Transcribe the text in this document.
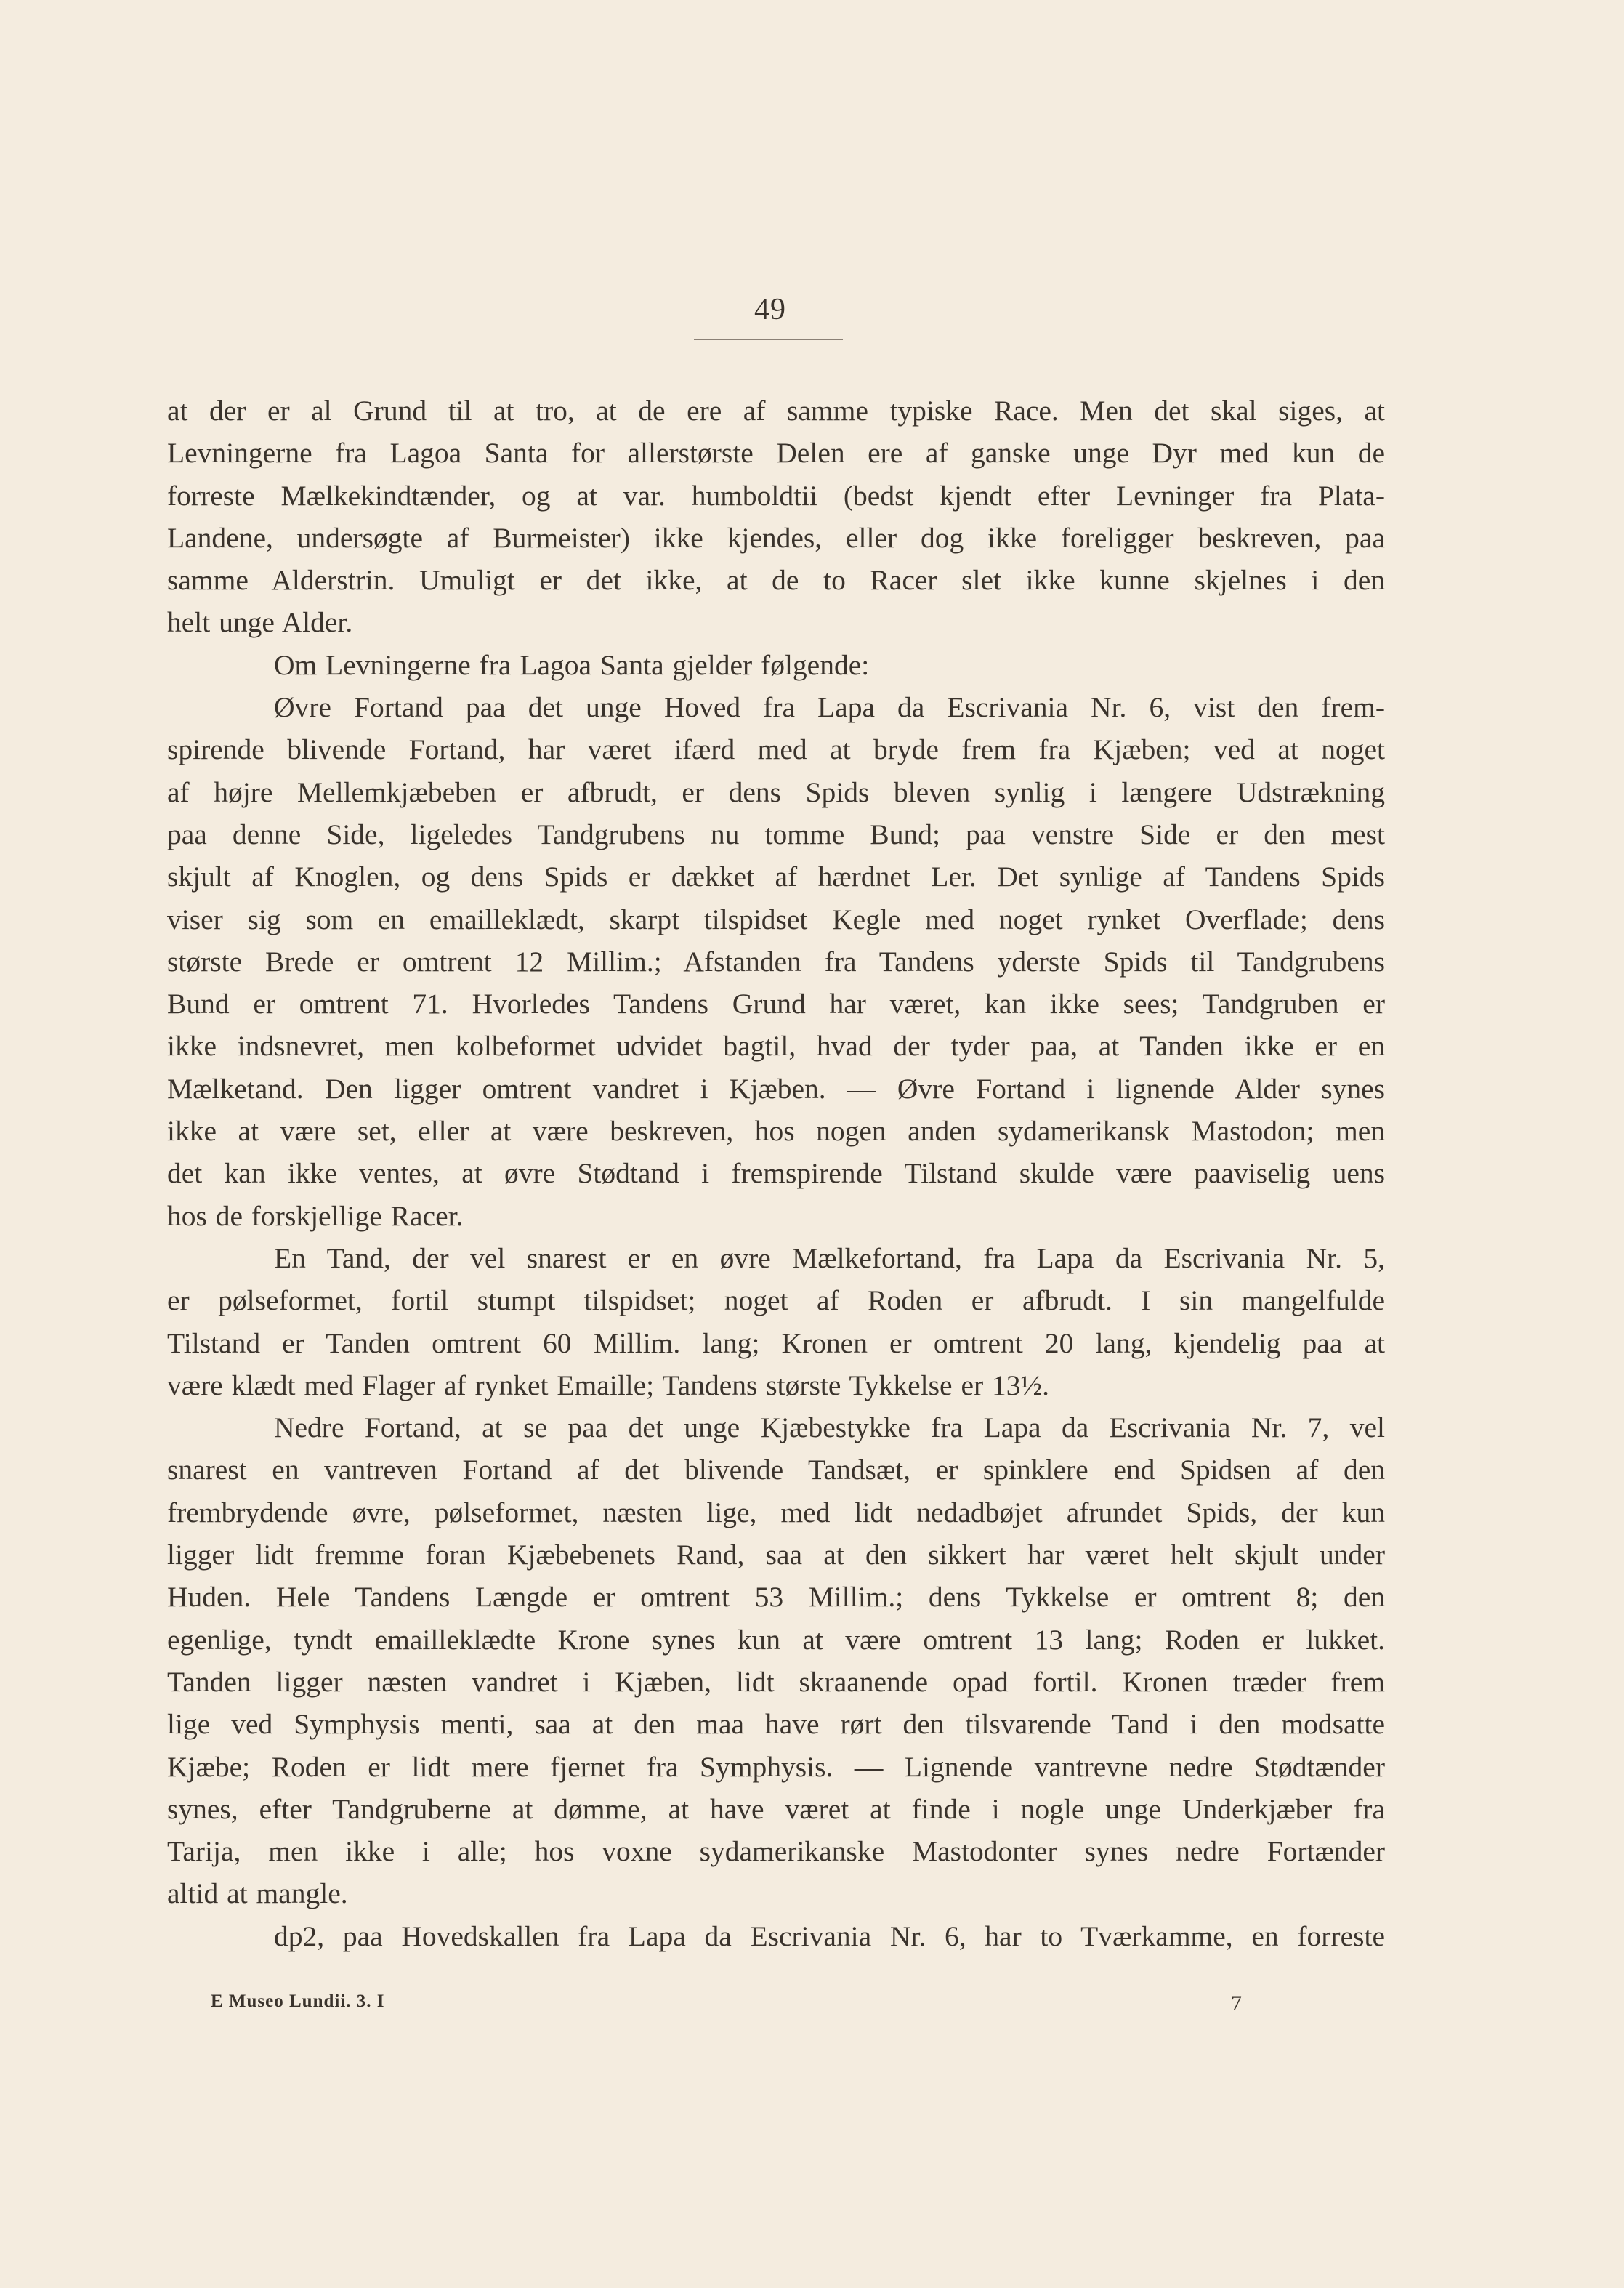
49
at der er al Grund til at tro, at de ere af samme typiske Race. Men det skal siges, at
Levningerne fra Lagoa Santa for allerstørste Delen ere af ganske unge Dyr med kun de
forreste Mælkekindtænder, og at var. humboldtii (bedst kjendt efter Levninger fra Plata-
Landene, undersøgte af Burmeister) ikke kjendes, eller dog ikke foreligger beskreven, paa
samme Alderstrin. Umuligt er det ikke, at de to Racer slet ikke kunne skjelnes i den
helt unge Alder.
Om Levningerne fra Lagoa Santa gjelder følgende:
Øvre Fortand paa det unge Hoved fra Lapa da Escrivania Nr. 6, vist den frem-
spirende blivende Fortand, har været ifærd med at bryde frem fra Kjæben; ved at noget
af højre Mellemkjæbeben er afbrudt, er dens Spids bleven synlig i længere Udstrækning
paa denne Side, ligeledes Tandgrubens nu tomme Bund; paa venstre Side er den mest
skjult af Knoglen, og dens Spids er dækket af hærdnet Ler. Det synlige af Tandens Spids
viser sig som en emailleklædt, skarpt tilspidset Kegle med noget rynket Overflade; dens
største Brede er omtrent 12 Millim.; Afstanden fra Tandens yderste Spids til Tandgrubens
Bund er omtrent 71. Hvorledes Tandens Grund har været, kan ikke sees; Tandgruben er
ikke indsnevret, men kolbeformet udvidet bagtil, hvad der tyder paa, at Tanden ikke er en
Mælketand. Den ligger omtrent vandret i Kjæben. — Øvre Fortand i lignende Alder synes
ikke at være set, eller at være beskreven, hos nogen anden sydamerikansk Mastodon; men
det kan ikke ventes, at øvre Stødtand i fremspirende Tilstand skulde være paaviselig uens
hos de forskjellige Racer.
En Tand, der vel snarest er en øvre Mælkefortand, fra Lapa da Escrivania Nr. 5,
er pølseformet, fortil stumpt tilspidset; noget af Roden er afbrudt. I sin mangelfulde
Tilstand er Tanden omtrent 60 Millim. lang; Kronen er omtrent 20 lang, kjendelig paa at
være klædt med Flager af rynket Emaille; Tandens største Tykkelse er 13½.
Nedre Fortand, at se paa det unge Kjæbestykke fra Lapa da Escrivania Nr. 7, vel
snarest en vantreven Fortand af det blivende Tandsæt, er spinklere end Spidsen af den
frembrydende øvre, pølseformet, næsten lige, med lidt nedadbøjet afrundet Spids, der kun
ligger lidt fremme foran Kjæbebenets Rand, saa at den sikkert har været helt skjult under
Huden. Hele Tandens Længde er omtrent 53 Millim.; dens Tykkelse er omtrent 8; den
egenlige, tyndt emailleklædte Krone synes kun at være omtrent 13 lang; Roden er lukket.
Tanden ligger næsten vandret i Kjæben, lidt skraanende opad fortil. Kronen træder frem
lige ved Symphysis menti, saa at den maa have rørt den tilsvarende Tand i den modsatte
Kjæbe; Roden er lidt mere fjernet fra Symphysis. — Lignende vantrevne nedre Stødtænder
synes, efter Tandgruberne at dømme, at have været at finde i nogle unge Underkjæber fra
Tarija, men ikke i alle; hos voxne sydamerikanske Mastodonter synes nedre Fortænder
altid at mangle.
dp2, paa Hovedskallen fra Lapa da Escrivania Nr. 6, har to Tværkamme, en forreste
E Museo Lundii. 3. I	7
